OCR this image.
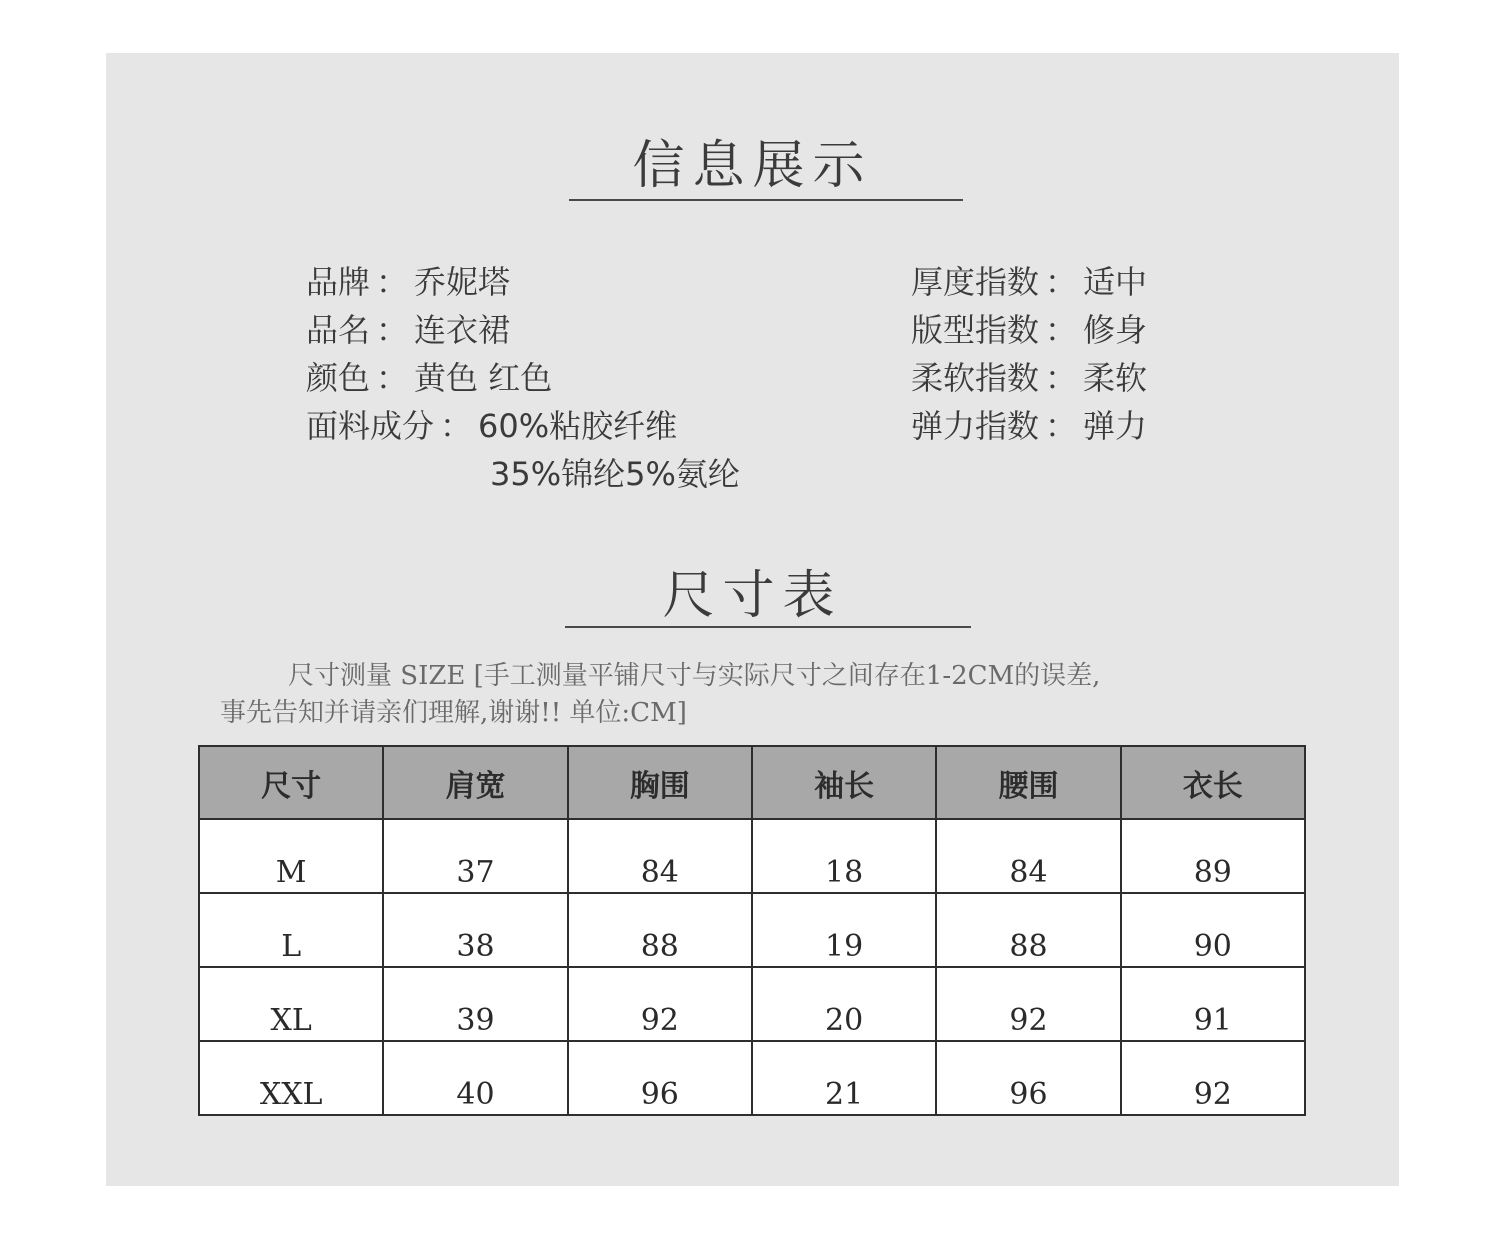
信息展示
品牌 ： 乔妮塔
品名 ： 连衣裙
颜色 ： 黄色 红色
面料成分 ： 60%粘胶纤维
35%锦纶5%氨纶
厚度指数 ： 适中
版型指数 ： 修身
柔软指数 ： 柔软
弹力指数 ： 弹力
尺寸表
尺寸测量 SIZE [手工测量平铺尺寸与实际尺寸之间存在1-2CM的误差,
事先告知并请亲们理解,谢谢!! 单位:CM]
尺寸	肩宽	胸围	袖长	腰围	衣长
M	37	84	18	84	89
L	38	88	19	88	90
XL	39	92	20	92	91
XXL	40	96	21	96	92
